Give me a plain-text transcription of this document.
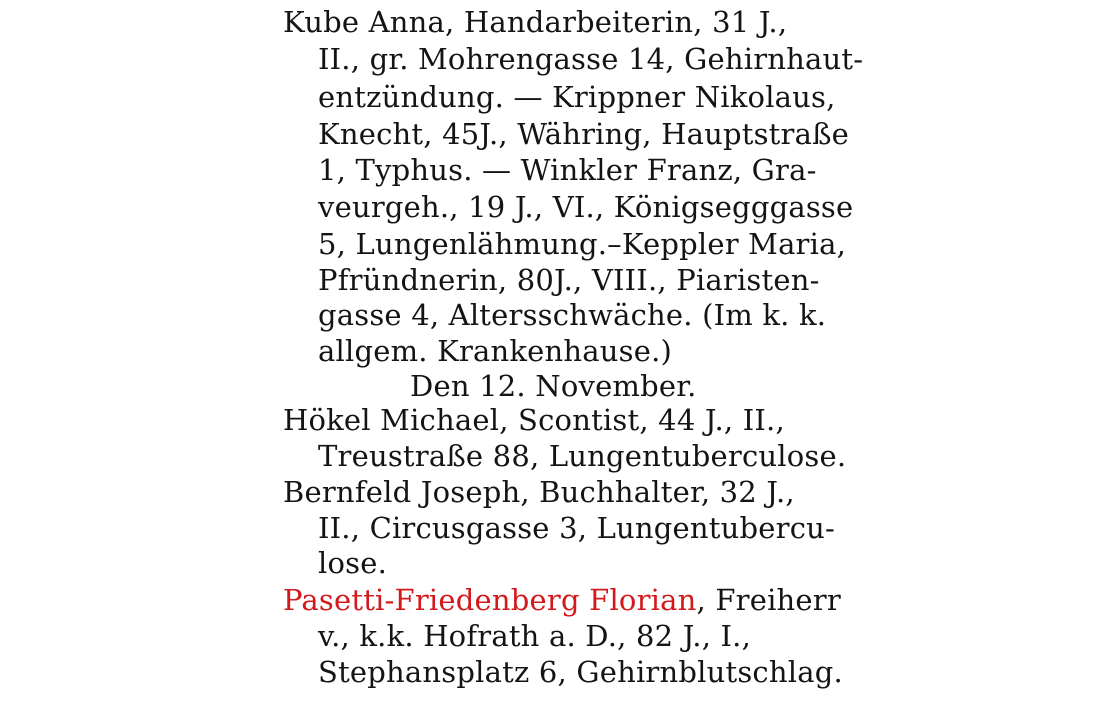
Kube Anna, Handarbeiterin, 31 J.,
II., gr. Mohrengasse 14, Gehirnhaut-
entzündung. — Krippner Nikolaus,
Knecht, 45J., Währing, Hauptstraße
1, Typhus. — Winkler Franz, Gra-
veurgeh., 19 J., VI., Königsegggasse
5, Lungenlähmung.–Keppler Maria,
Pfründnerin, 80J., VIII., Piaristen-
gasse 4, Altersschwäche. (Im k. k.
allgem. Krankenhause.)
Den 12. November.
Hökel Michael, Scontist, 44 J., II.,
Treustraße 88, Lungentuberculose.
Bernfeld Joseph, Buchhalter, 32 J.,
II., Circusgasse 3, Lungentubercu-
lose.
Pasetti-Friedenberg Florian, Freiherr
v., k.k. Hofrath a. D., 82 J., I.,
Stephansplatz 6, Gehirnblutschlag.
